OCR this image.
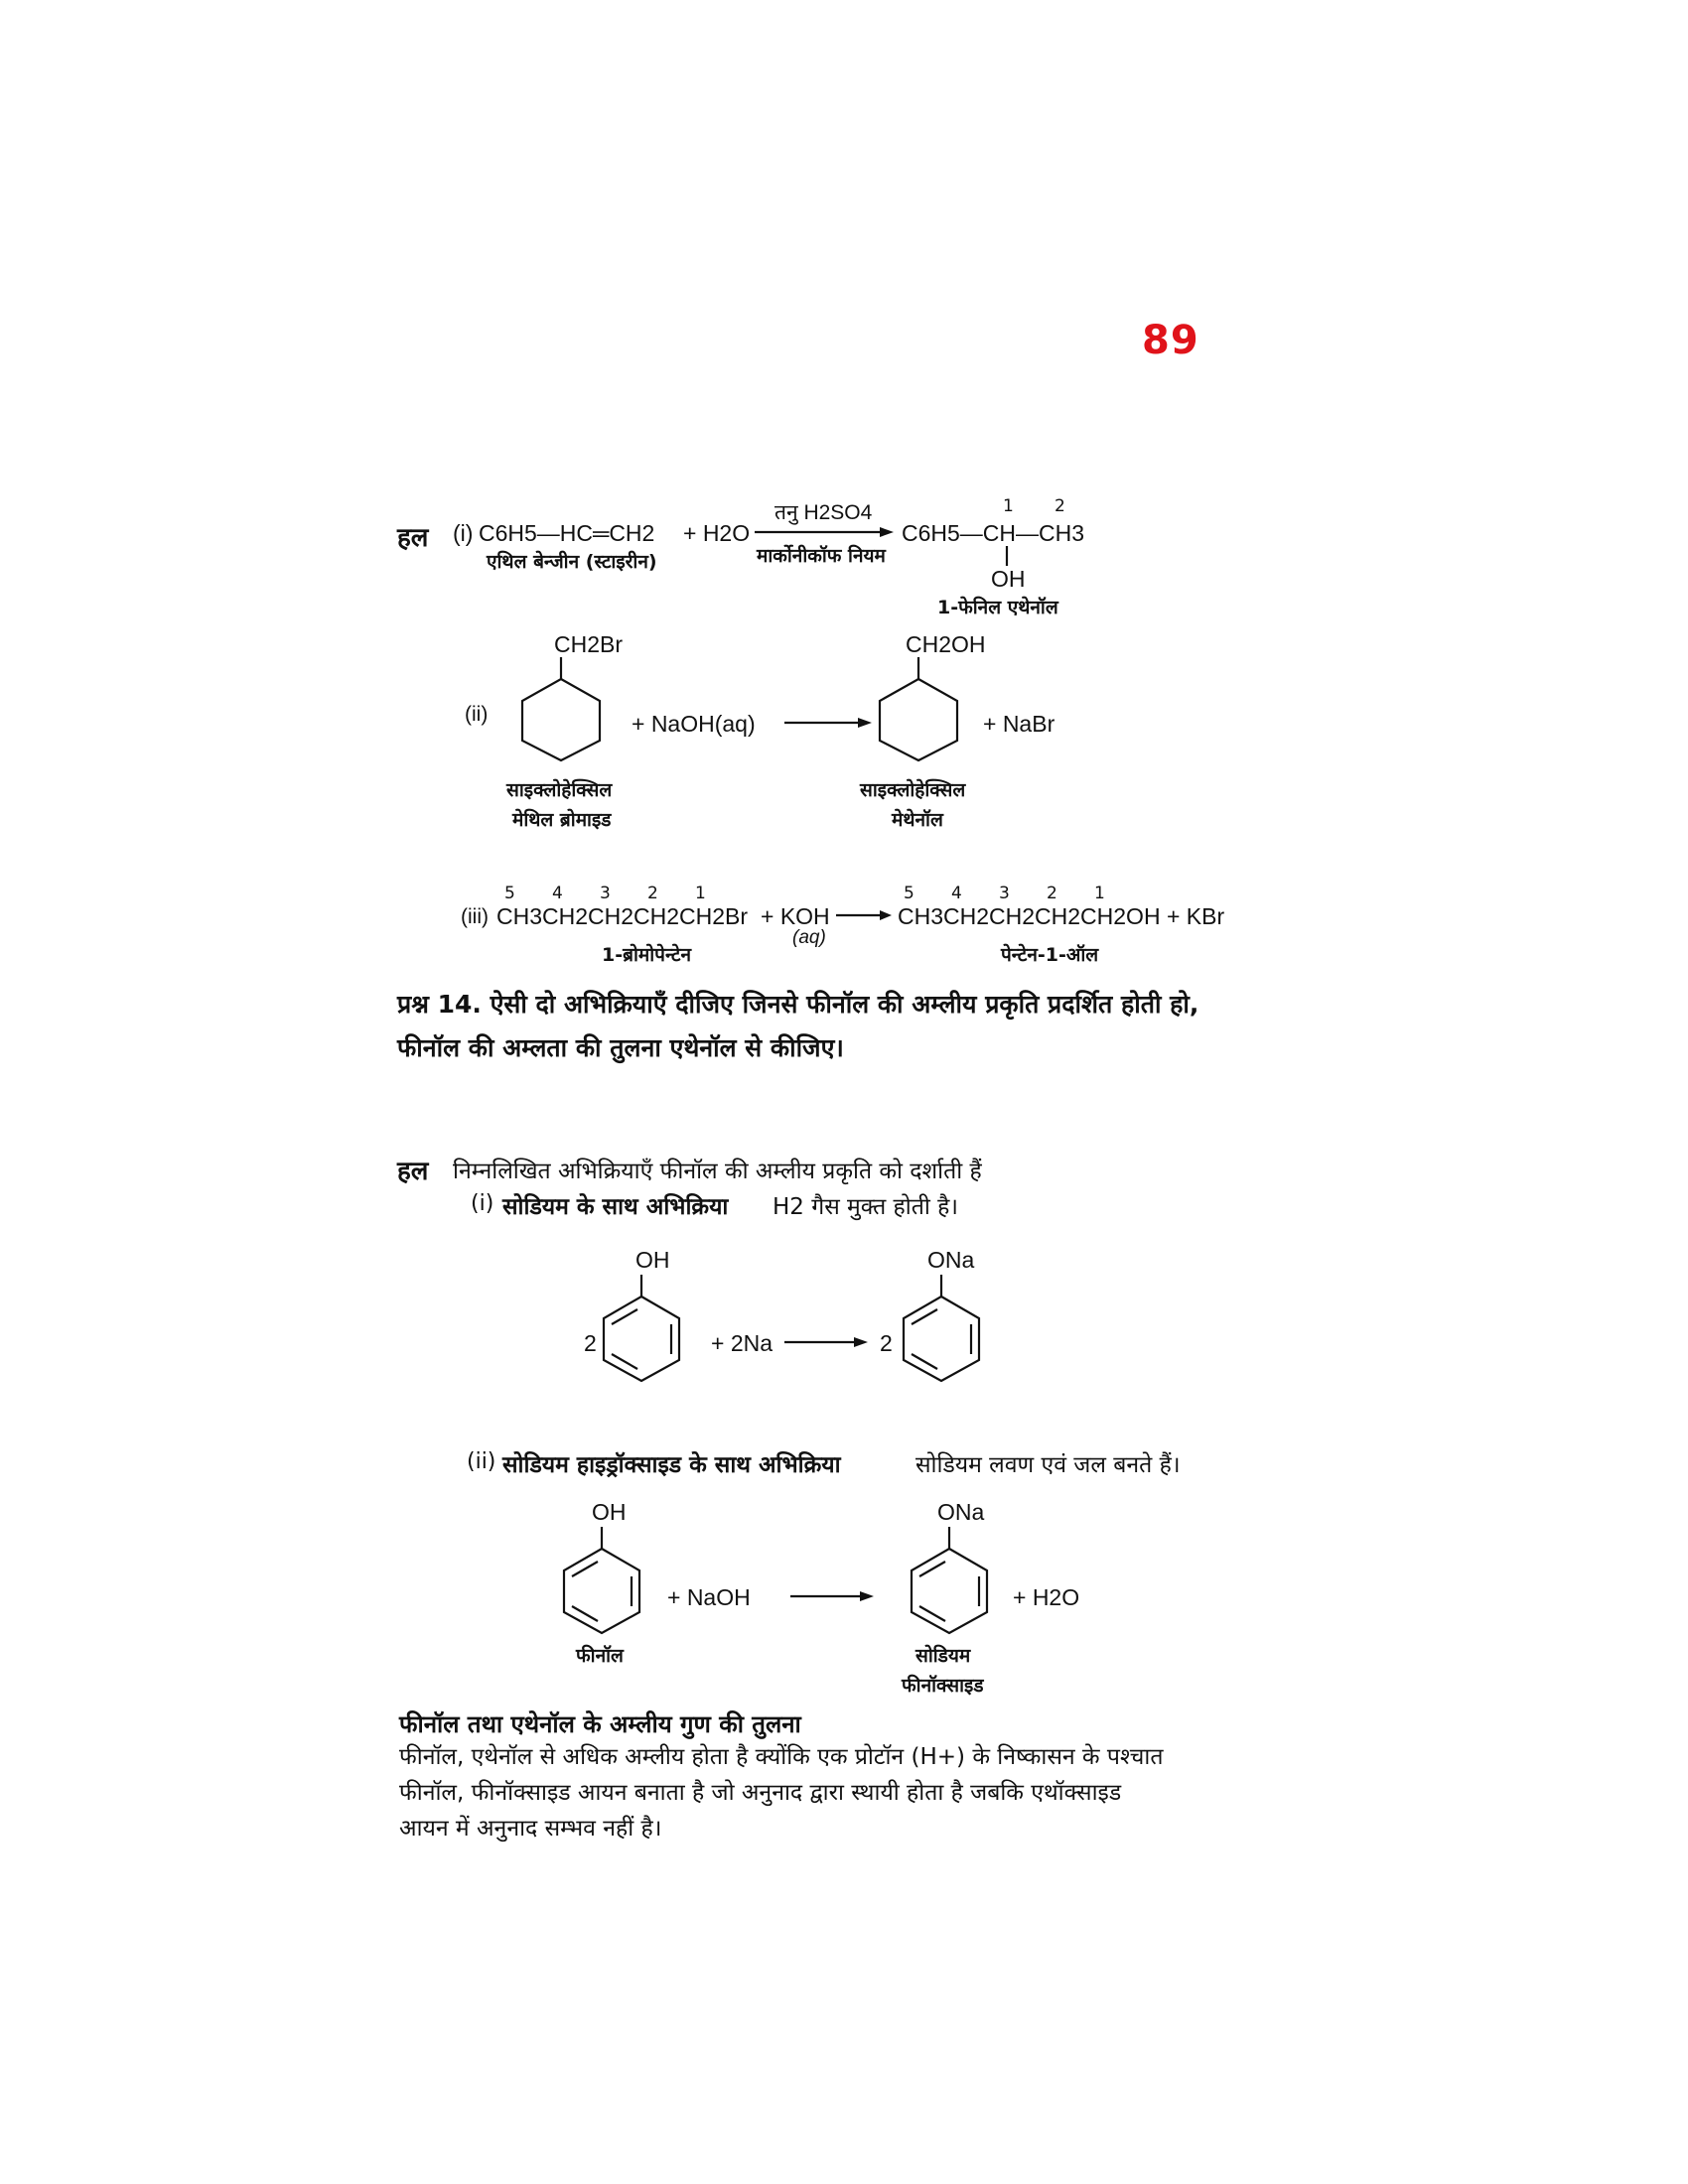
89
हल (i) C6H5—HC═CH2 + H2O
तनु H2SO4
मार्कोनीकॉफ नियम
1 2
C6H5—CH—CH3
OH
एथिल बेन्जीन (स्टाइरीन)
1-फेनिल एथेनॉल
(ii)
CH2Br
+ NaOH(aq)
CH2OH
+ NaBr
साइक्लोहेक्सिल
मेथिल ब्रोमाइड
साइक्लोहेक्सिल
मेथेनॉल
5 4 3 2 1
(iii) CH3CH2CH2CH2CH2Br + KOH
(aq)
5 4 3 2 1
CH3CH2CH2CH2CH2OH + KBr
1-ब्रोमोपेन्टेन	पेन्टेन-1-ऑल
प्रश्न 14. ऐसी दो अभिक्रियाएँ दीजिए जिनसे फीनॉल की अम्लीय प्रकृति प्रदर्शित होती हो,
फीनॉल की अम्लता की तुलना एथेनॉल से कीजिए।
हल निम्नलिखित अभिक्रियाएँ फीनॉल की अम्लीय प्रकृति को दर्शाती हैं
(i) सोडियम के साथ अभिक्रिया H2 गैस मुक्त होती है।
OH
2	+ 2Na	2
ONa
(ii) सोडियम हाइड्रॉक्साइड के साथ अभिक्रिया	सोडियम लवण एवं जल बनते हैं।
OH
फीनॉल
+ NaOH
ONa
+ H2O
सोडियम
फीनॉक्साइड
फीनॉल तथा एथेनॉल के अम्लीय गुण की तुलना
फीनॉल, एथेनॉल से अधिक अम्लीय होता है क्योंकि एक प्रोटॉन (H+) के निष्कासन के पश्चात
फीनॉल, फीनॉक्साइड आयन बनाता है जो अनुनाद द्वारा स्थायी होता है जबकि एथॉक्साइड
आयन में अनुनाद सम्भव नहीं है।
